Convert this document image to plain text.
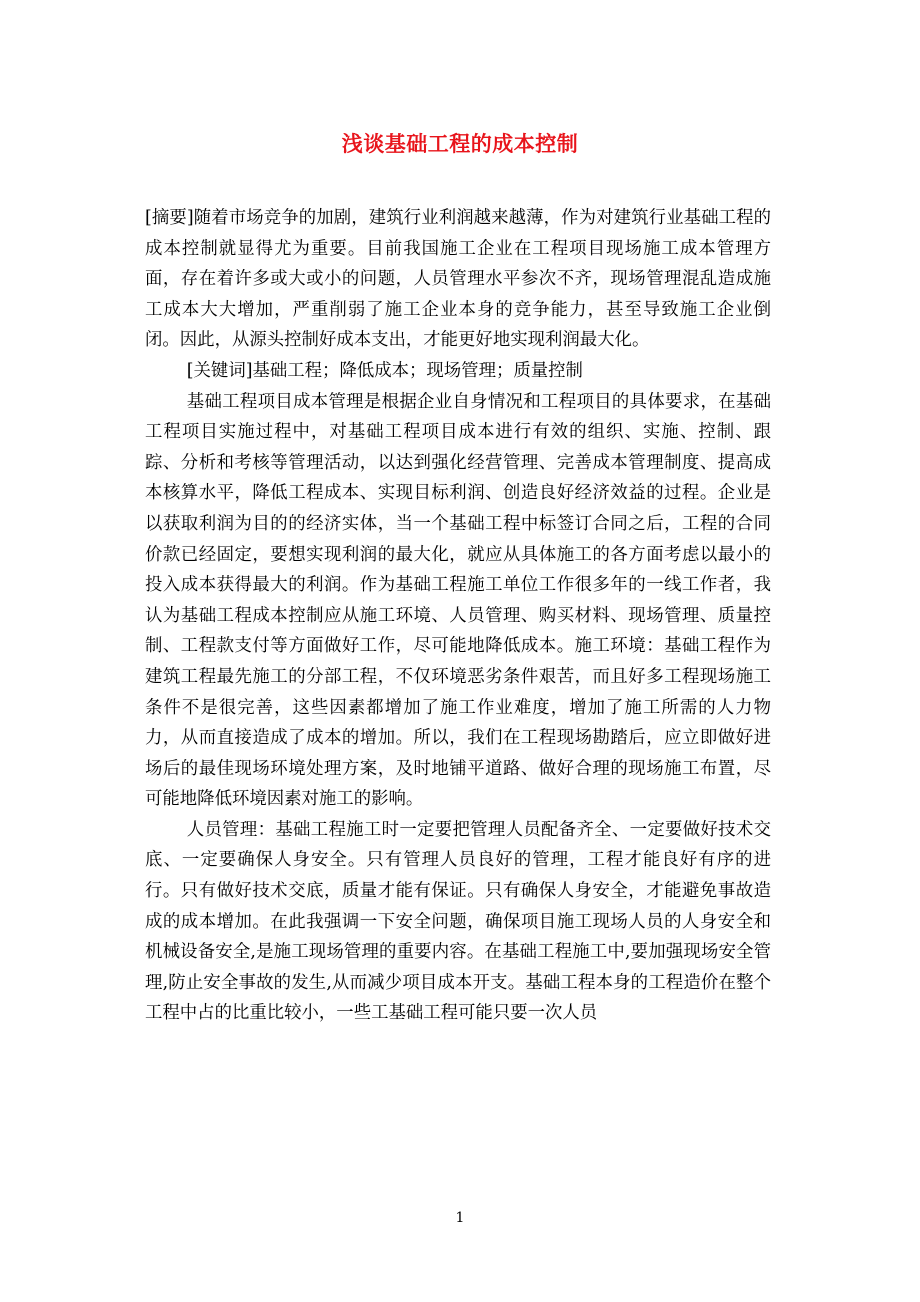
浅谈基础工程的成本控制

[摘要]随着市场竞争的加剧，建筑行业利润越来越薄，作为对建筑行业基础工程的成本控制就显得尤为重要。目前我国施工企业在工程项目现场施工成本管理方面，存在着许多或大或小的问题，人员管理水平参次不齐，现场管理混乱造成施工成本大大增加，严重削弱了施工企业本身的竞争能力，甚至导致施工企业倒闭。因此，从源头控制好成本支出，才能更好地实现利润最大化。

[关键词]基础工程；降低成本；现场管理；质量控制

基础工程项目成本管理是根据企业自身情况和工程项目的具体要求，在基础工程项目实施过程中，对基础工程项目成本进行有效的组织、实施、控制、跟踪、分析和考核等管理活动，以达到强化经营管理、完善成本管理制度、提高成本核算水平，降低工程成本、实现目标利润、创造良好经济效益的过程。企业是以获取利润为目的的经济实体，当一个基础工程中标签订合同之后，工程的合同价款已经固定，要想实现利润的最大化，就应从具体施工的各方面考虑以最小的投入成本获得最大的利润。作为基础工程施工单位工作很多年的一线工作者，我认为基础工程成本控制应从施工环境、人员管理、购买材料、现场管理、质量控制、工程款支付等方面做好工作，尽可能地降低成本。施工环境：基础工程作为建筑工程最先施工的分部工程，不仅环境恶劣条件艰苦，而且好多工程现场施工条件不是很完善，这些因素都增加了施工作业难度，增加了施工所需的人力物力，从而直接造成了成本的增加。所以，我们在工程现场勘踏后，应立即做好进场后的最佳现场环境处理方案，及时地铺平道路、做好合理的现场施工布置，尽可能地降低环境因素对施工的影响。

人员管理：基础工程施工时一定要把管理人员配备齐全、一定要做好技术交底、一定要确保人身安全。只有管理人员良好的管理，工程才能良好有序的进行。只有做好技术交底，质量才能有保证。只有确保人身安全，才能避免事故造成的成本增加。在此我强调一下安全问题，确保项目施工现场人员的人身安全和机械设备安全,是施工现场管理的重要内容。在基础工程施工中,要加强现场安全管理,防止安全事故的发生,从而减少项目成本开支。基础工程本身的工程造价在整个工程中占的比重比较小，一些工基础工程可能只要一次人员

1
